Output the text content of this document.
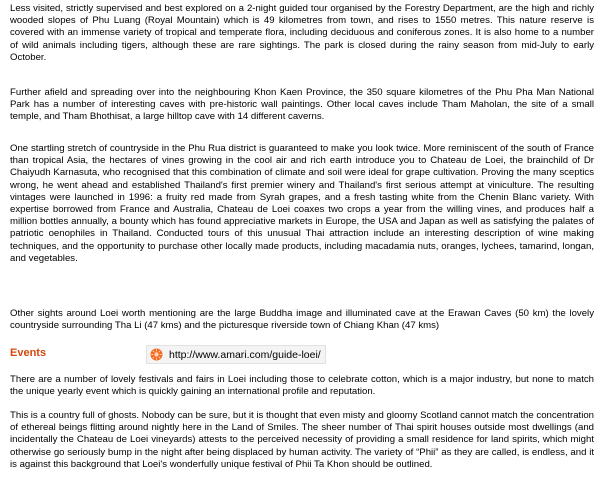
Less visited, strictly supervised and best explored on a 2-night guided tour organised by the Forestry Department, are the high and richly wooded slopes of Phu Luang (Royal Mountain) which is 49 kilometres from town, and rises to 1550 metres. This nature reserve is covered with an immense variety of tropical and temperate flora, including deciduous and coniferous zones. It is also home to a number of wild animals including tigers, although these are rare sightings. The park is closed during the rainy season from mid-July to early October.

Further afield and spreading over into the neighbouring Khon Kaen Province, the 350 square kilometres of the Phu Pha Man National Park has a number of interesting caves with pre-historic wall paintings. Other local caves include Tham Maholan, the site of a small temple, and Tham Bhothisat, a large hilltop cave with 14 different caverns.

One startling stretch of countryside in the Phu Rua district is guaranteed to make you look twice. More reminiscent of the south of France than tropical Asia, the hectares of vines growing in the cool air and rich earth introduce you to Chateau de Loei, the brainchild of Dr Chaiyudh Karnasuta, who recognised that this combination of climate and soil were ideal for grape cultivation. Proving the many sceptics wrong, he went ahead and established Thailand's first premier winery and Thailand's first serious attempt at viniculture. The resulting vintages were launched in 1996: a fruity red made from Syrah grapes, and a fresh tasting white from the Chenin Blanc variety. With expertise borrowed from France and Australia, Chateau de Loei coaxes two crops a year from the willing vines, and produces half a million bottles annually, a bounty which has found appreciative markets in Europe, the USA and Japan as well as satisfying the palates of patriotic oenophiles in Thailand. Conducted tours of this unusual Thai attraction include an interesting description of wine making techniques, and the opportunity to purchase other locally made products, including macadamia nuts, oranges, lychees, tamarind, longan, and vegetables.

Other sights around Loei worth mentioning are the large Buddha image and illuminated cave at the Erawan Caves (50 km) the lovely countryside surrounding Tha Li (47 kms) and the picturesque riverside town of Chiang Khan (47 kms)

Events	http://www.amari.com/guide-loei/

There are a number of lovely festivals and fairs in Loei including those to celebrate cotton, which is a major industry, but none to match the unique yearly event which is quickly gaining an international profile and reputation.

This is a country full of ghosts. Nobody can be sure, but it is thought that even misty and gloomy Scotland cannot match the concentration of ethereal beings flitting around nightly here in the Land of Smiles. The sheer number of Thai spirit houses outside most dwellings (and incidentally the Chateau de Loei vineyards) attests to the perceived necessity of providing a small residence for land spirits, which might otherwise go seriously bump in the night after being displaced by human activity. The variety of “Phii” as they are called, is endless, and it is against this background that Loei's wonderfully unique festival of Phii Ta Khon should be outlined.
